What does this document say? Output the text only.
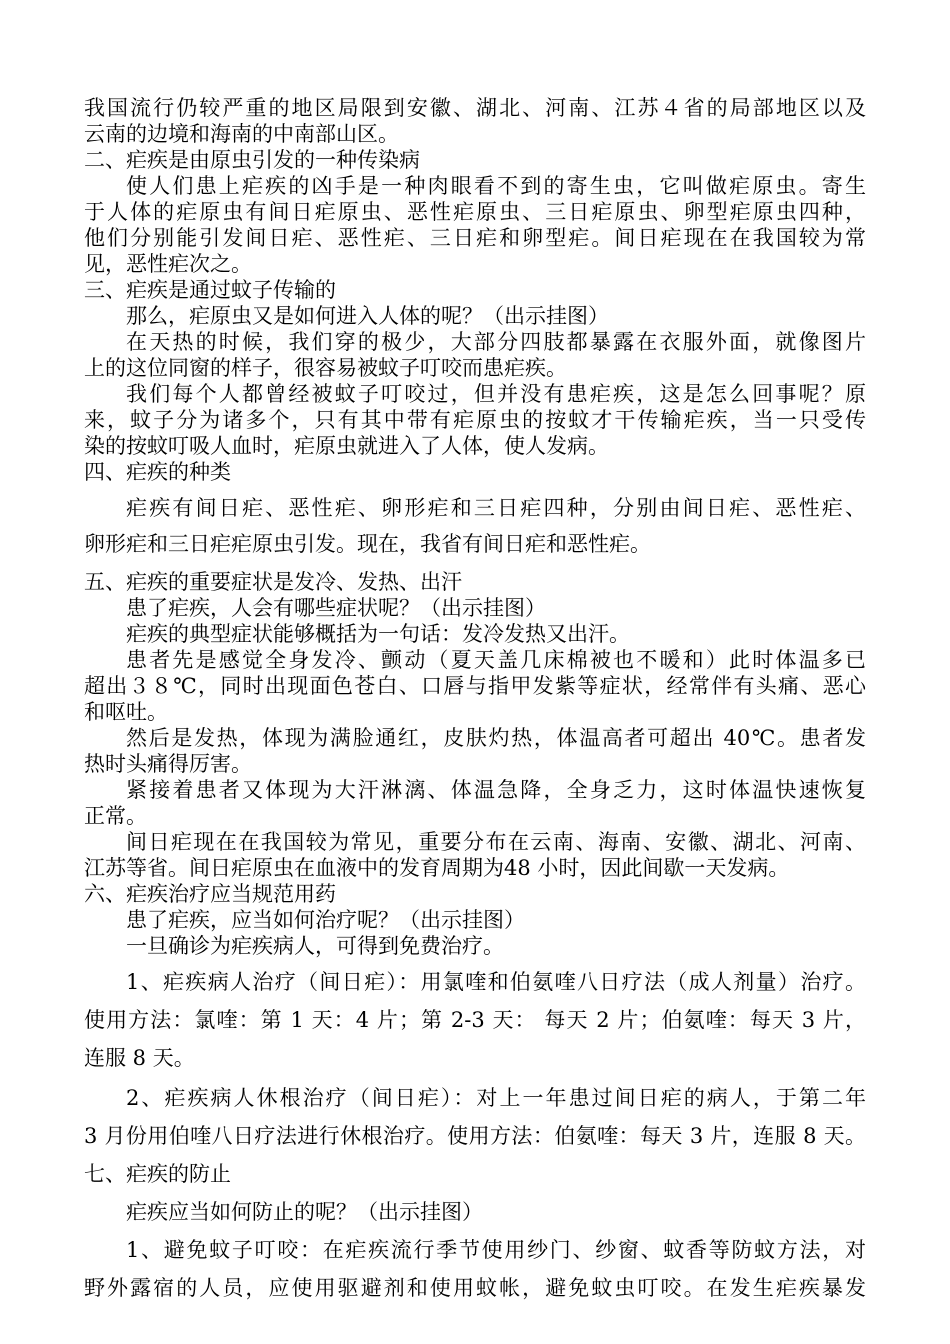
我国流行仍较严重的地区局限到安徽、湖北、河南、江苏４省的局部地区以及
云南的边境和海南的中南部山区。
二、疟疾是由原虫引发的一种传染病
使人们患上疟疾的凶手是一种肉眼看不到的寄生虫，它叫做疟原虫。寄生
于人体的疟原虫有间日疟原虫、恶性疟原虫、三日疟原虫、卵型疟原虫四种，
他们分别能引发间日疟、恶性疟、三日疟和卵型疟。间日疟现在在我国较为常
见，恶性疟次之。
三、疟疾是通过蚊子传输的
那么，疟原虫又是如何进入人体的呢？（出示挂图）
在天热的时候，我们穿的极少，大部分四肢都暴露在衣服外面，就像图片
上的这位同窗的样子，很容易被蚊子叮咬而患疟疾。
我们每个人都曾经被蚊子叮咬过，但并没有患疟疾，这是怎么回事呢？原
来，蚊子分为诸多个，只有其中带有疟原虫的按蚊才干传输疟疾，当一只受传
染的按蚊叮吸人血时，疟原虫就进入了人体，使人发病。
四、疟疾的种类
疟疾有间日疟、恶性疟、卵形疟和三日疟四种，分别由间日疟、恶性疟、
卵形疟和三日疟疟原虫引发。现在，我省有间日疟和恶性疟。
五、疟疾的重要症状是发冷、发热、出汗
患了疟疾，人会有哪些症状呢？（出示挂图）
疟疾的典型症状能够概括为一句话：发冷发热又出汗。
患者先是感觉全身发冷、颤动（夏天盖几床棉被也不暖和）此时体温多已
超出３８℃，同时出现面色苍白、口唇与指甲发紫等症状，经常伴有头痛、恶心
和呕吐。
然后是发热，体现为满脸通红，皮肤灼热，体温高者可超出 40℃。患者发
热时头痛得厉害。
紧接着患者又体现为大汗淋漓、体温急降，全身乏力，这时体温快速恢复
正常。
间日疟现在在我国较为常见，重要分布在云南、海南、安徽、湖北、河南、
江苏等省。间日疟原虫在血液中的发育周期为48 小时，因此间歇一天发病。
六、疟疾治疗应当规范用药
患了疟疾，应当如何治疗呢？（出示挂图）
一旦确诊为疟疾病人，可得到免费治疗。
1、疟疾病人治疗（间日疟）：用氯喹和伯氨喹八日疗法（成人剂量）治疗。
使用方法：氯喹：第 1 天：4 片；第 2-3 天： 每天 2 片；伯氨喹：每天 3 片，
连服 8 天。
2、疟疾病人休根治疗（间日疟）：对上一年患过间日疟的病人，于第二年
3 月份用伯喹八日疗法进行休根治疗。使用方法：伯氨喹：每天 3 片，连服 8 天。
七、疟疾的防止
疟疾应当如何防止的呢？（出示挂图）
1、避免蚊子叮咬：在疟疾流行季节使用纱门、纱窗、蚊香等防蚊方法，对
野外露宿的人员，应使用驱避剂和使用蚊帐，避免蚊虫叮咬。在发生疟疾暴发
